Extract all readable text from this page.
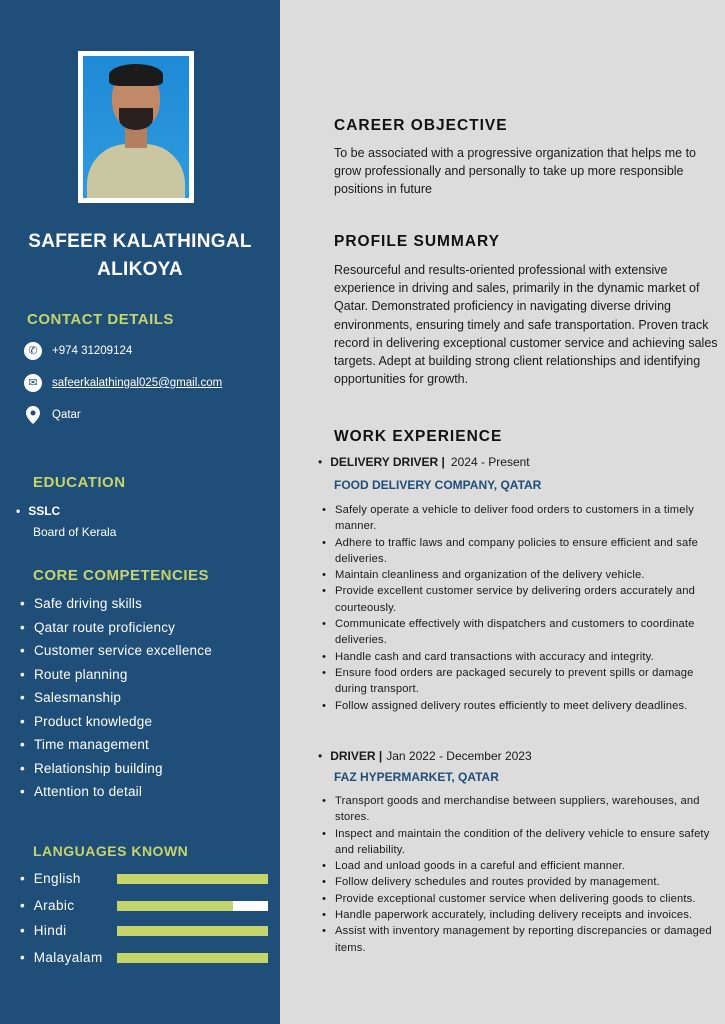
SAFEER KALATHINGAL
ALIKOYA
CONTACT DETAILS
✆	+974 31209124
✉	safeerkalathingal025@gmail.com
Qatar
EDUCATION
• SSLC
Board of Kerala
CORE COMPETENCIES
• Safe driving skills
• Qatar route proficiency
• Customer service excellence
• Route planning
• Salesmanship
• Product knowledge
• Time management
• Relationship building
• Attention to detail
LANGUAGES KNOWN
• English
• Arabic
• Hindi
• Malayalam
CAREER OBJECTIVE
To be associated with a progressive organization that helps me to grow professionally and personally to take up more responsible positions in future
PROFILE SUMMARY
Resourceful and results-oriented professional with extensive experience in driving and sales, primarily in the dynamic market of Qatar. Demonstrated proficiency in navigating diverse driving environments, ensuring timely and safe transportation. Proven track record in delivering exceptional customer service and achieving sales targets. Adept at building strong client relationships and identifying opportunities for growth.
WORK EXPERIENCE
• DELIVERY DRIVER | 2024 - Present
FOOD DELIVERY COMPANY, QATAR
• Safely operate a vehicle to deliver food orders to customers in a timely manner.
• Adhere to traffic laws and company policies to ensure efficient and safe deliveries.
• Maintain cleanliness and organization of the delivery vehicle.
• Provide excellent customer service by delivering orders accurately and courteously.
• Communicate effectively with dispatchers and customers to coordinate deliveries.
• Handle cash and card transactions with accuracy and integrity.
• Ensure food orders are packaged securely to prevent spills or damage during transport.
• Follow assigned delivery routes efficiently to meet delivery deadlines.
• DRIVER | Jan 2022 - December 2023
FAZ HYPERMARKET, QATAR
• Transport goods and merchandise between suppliers, warehouses, and stores.
• Inspect and maintain the condition of the delivery vehicle to ensure safety and reliability.
• Load and unload goods in a careful and efficient manner.
• Follow delivery schedules and routes provided by management.
• Provide exceptional customer service when delivering goods to clients.
• Handle paperwork accurately, including delivery receipts and invoices.
• Assist with inventory management by reporting discrepancies or damaged items.
